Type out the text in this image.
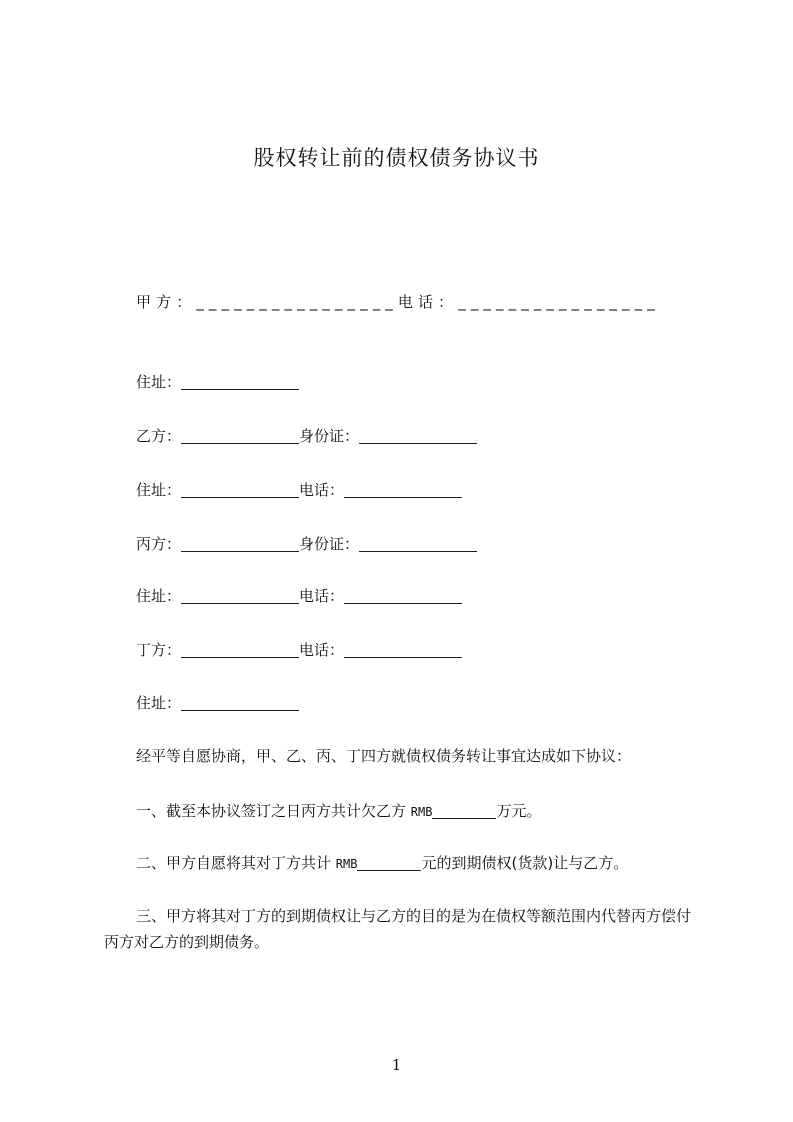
股权转让前的债权债务协议书
甲方：________________电话：________________
住址：
乙方：	身份证：
住址：	电话：
丙方：	身份证：
住址：	电话：
丁方：	电话：
住址：
经平等自愿协商，甲、乙、丙、丁四方就债权债务转让事宜达成如下协议：
一、截至本协议签订之日丙方共计欠乙方 RMB	万元。
二、甲方自愿将其对丁方共计 RMB	元的到期债权(货款)让与乙方。
三、甲方将其对丁方的到期债权让与乙方的目的是为在债权等额范围内代替丙方偿付丙方对乙方的到期债务。
1
